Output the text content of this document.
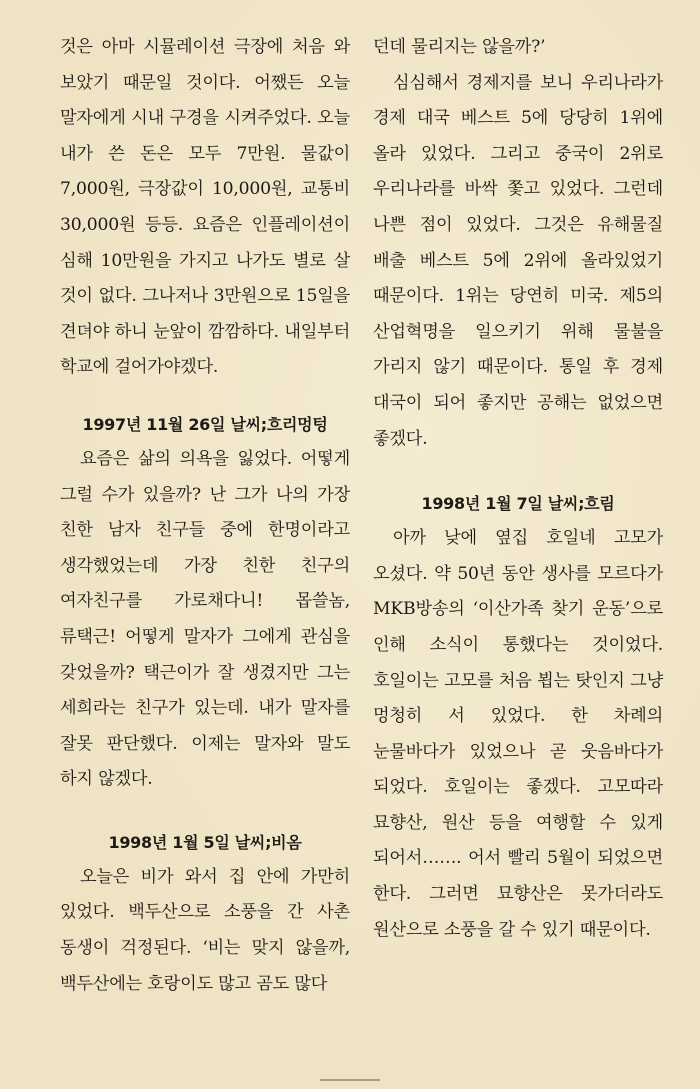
것은 아마 시뮬레이션 극장에 처음 와 보았기 때문일 것이다. 어쨌든 오늘 말자에게 시내 구경을 시켜주었다. 오늘 내가 쓴 돈은 모두 7만원. 물값이 7,000원, 극장값이 10,000원, 교통비 30,000원 등등. 요즘은 인플레이션이 심해 10만원을 가지고 나가도 별로 살 것이 없다. 그나저나 3만원으로 15일을 견뎌야 하니 눈앞이 깜깜하다. 내일부터 학교에 걸어가야겠다.

1997년 11월 26일 날씨;흐리멍텅

요즘은 삶의 의욕을 잃었다. 어떻게 그럴 수가 있을까? 난 그가 나의 가장 친한 남자 친구들 중에 한명이라고 생각했었는데 가장 친한 친구의 여자친구를 가로채다니! 몹쓸놈, 류택근! 어떻게 말자가 그에게 관심을 갖었을까? 택근이가 잘 생겼지만 그는 세희라는 친구가 있는데. 내가 말자를 잘못 판단했다. 이제는 말자와 말도 하지 않겠다.

1998년 1월 5일 날씨;비옴

오늘은 비가 와서 집 안에 가만히 있었다. 백두산으로 소풍을 간 사촌 동생이 걱정된다. ‘비는 맞지 않을까, 백두산에는 호랑이도 많고 곰도 많다

던데 물리지는 않을까?’

심심해서 경제지를 보니 우리나라가 경제 대국 베스트 5에 당당히 1위에 올라 있었다. 그리고 중국이 2위로 우리나라를 바싹 쫓고 있었다. 그런데 나쁜 점이 있었다. 그것은 유해물질 배출 베스트 5에 2위에 올라있었기 때문이다. 1위는 당연히 미국. 제5의 산업혁명을 일으키기 위해 물불을 가리지 않기 때문이다. 통일 후 경제 대국이 되어 좋지만 공해는 없었으면 좋겠다.

1998년 1월 7일 날씨;흐림

아까 낮에 옆집 호일네 고모가 오셨다. 약 50년 동안 생사를 모르다가 MKB방송의 ‘이산가족 찾기 운동’으로 인해 소식이 통했다는 것이었다. 호일이는 고모를 처음 뵙는 탓인지 그냥 멍청히 서 있었다. 한 차례의 눈물바다가 있었으나 곧 웃음바다가 되었다. 호일이는 좋겠다. 고모따라 묘향산, 원산 등을 여행할 수 있게 되어서……. 어서 빨리 5월이 되었으면 한다. 그러면 묘향산은 못가더라도 원산으로 소풍을 갈 수 있기 때문이다.
